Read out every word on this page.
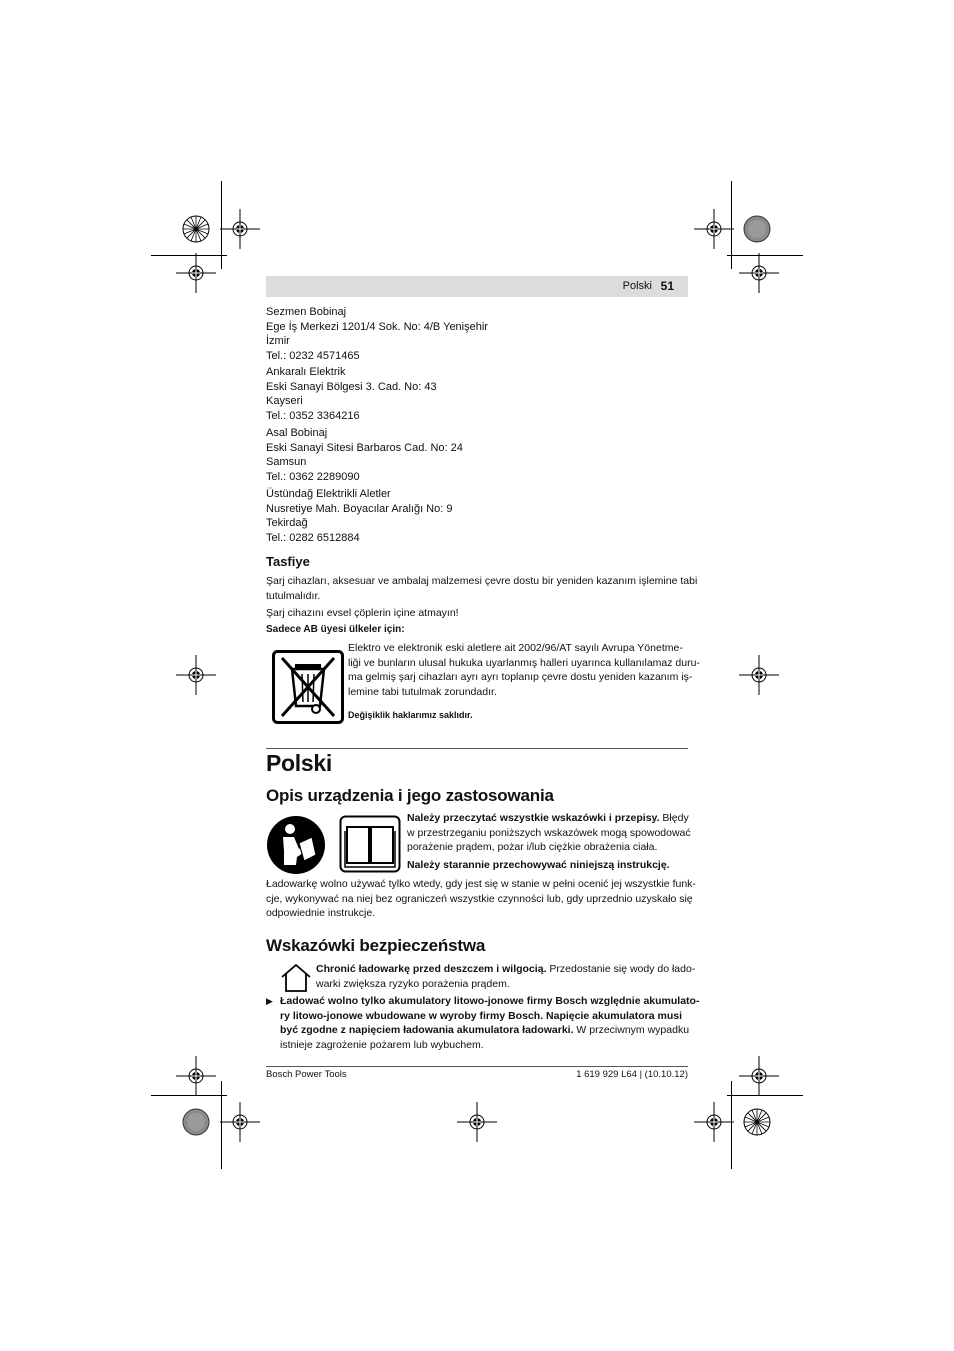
Polski 51
Sezmen Bobinaj
Ege İş Merkezi 1201/4 Sok. No: 4/B Yenişehir
İzmir
Tel.: 0232 4571465
Ankaralı Elektrik
Eski Sanayi Bölgesi 3. Cad. No: 43
Kayseri
Tel.: 0352 3364216
Asal Bobinaj
Eski Sanayi Sitesi Barbaros Cad. No: 24
Samsun
Tel.: 0362 2289090
Üstündağ Elektrikli Aletler
Nusretiye Mah. Boyacılar Aralığı No: 9
Tekirdağ
Tel.: 0282 6512884
Tasfiye
Şarj cihazları, aksesuar ve ambalaj malzemesi çevre dostu bir yeniden kazanım işlemine tabi
tutulmalıdır.
Şarj cihazını evsel çöplerin içine atmayın!
Sadece AB üyesi ülkeler için:
Elektro ve elektronik eski aletlere ait 2002/96/AT sayılı Avrupa Yönetme-
liği ve bunların ulusal hukuka uyarlanmış halleri uyarınca kullanılamaz duru-
ma gelmiş şarj cihazları ayrı ayrı toplanıp çevre dostu yeniden kazanım iş-
lemine tabi tutulmak zorundadır.
Değişiklik haklarımız saklıdır.
Polski
Opis urządzenia i jego zastosowania
Należy przeczytać wszystkie wskazówki i przepisy. Błędy
w przestrzeganiu poniższych wskazówek mogą spowodować
porażenie prądem, pożar i/lub ciężkie obrażenia ciała.
Należy starannie przechowywać niniejszą instrukcję.
Ładowarkę wolno używać tylko wtedy, gdy jest się w stanie w pełni ocenić jej wszystkie funk-
cje, wykonywać na niej bez ograniczeń wszystkie czynności lub, gdy uprzednio uzyskało się
odpowiednie instrukcje.
Wskazówki bezpieczeństwa
Chronić ładowarkę przed deszczem i wilgocią. Przedostanie się wody do łado-
warki zwiększa ryzyko porażenia prądem.
▶ Ładować wolno tylko akumulatory litowo-jonowe firmy Bosch względnie akumulato-
ry litowo-jonowe wbudowane w wyroby firmy Bosch. Napięcie akumulatora musi
być zgodne z napięciem ładowania akumulatora ładowarki. W przeciwnym wypadku
istnieje zagrożenie pożarem lub wybuchem.
Bosch Power Tools	1 619 929 L64 | (10.10.12)
